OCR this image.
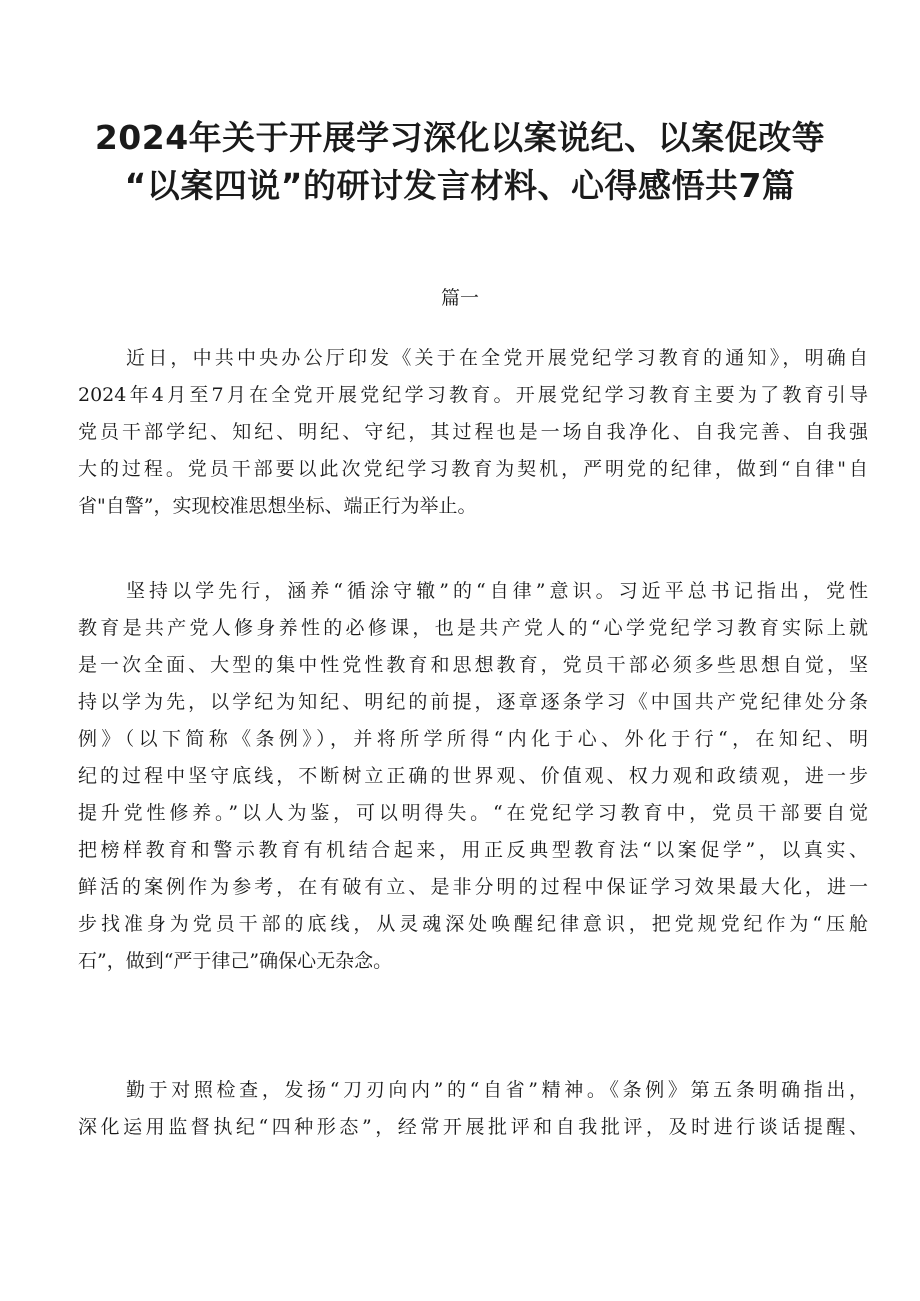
2024年关于开展学习深化以案说纪、以案促改等
“以案四说”的研讨发言材料、心得感悟共7篇
篇一
近日，中共中央办公厅印发《关于在全党开展党纪学习教育的通知》，明确自
2024年4月至7月在全党开展党纪学习教育。开展党纪学习教育主要为了教育引导
党员干部学纪、知纪、明纪、守纪，其过程也是一场自我净化、自我完善、自我强
大的过程。党员干部要以此次党纪学习教育为契机，严明党的纪律，做到“自律"自
省"自警”，实现校准思想坐标、端正行为举止。
坚持以学先行，涵养“循涂守辙”的“自律”意识。习近平总书记指出，党性
教育是共产党人修身养性的必修课，也是共产党人的“心学党纪学习教育实际上就
是一次全面、大型的集中性党性教育和思想教育，党员干部必须多些思想自觉，坚
持以学为先，以学纪为知纪、明纪的前提，逐章逐条学习《中国共产党纪律处分条
例》（以下简称《条例》），并将所学所得“内化于心、外化于行“，在知纪、明
纪的过程中坚守底线，不断树立正确的世界观、价值观、权力观和政绩观，进一步
提升党性修养。”以人为鉴，可以明得失。“在党纪学习教育中，党员干部要自觉
把榜样教育和警示教育有机结合起来，用正反典型教育法“以案促学”，以真实、
鲜活的案例作为参考，在有破有立、是非分明的过程中保证学习效果最大化，进一
步找准身为党员干部的底线，从灵魂深处唤醒纪律意识，把党规党纪作为“压舱
石”，做到“严于律己”确保心无杂念。
勤于对照检查，发扬“刀刃向内”的“自省”精神。《条例》第五条明确指出，
深化运用监督执纪“四种形态”，经常开展批评和自我批评，及时进行谈话提醒、
